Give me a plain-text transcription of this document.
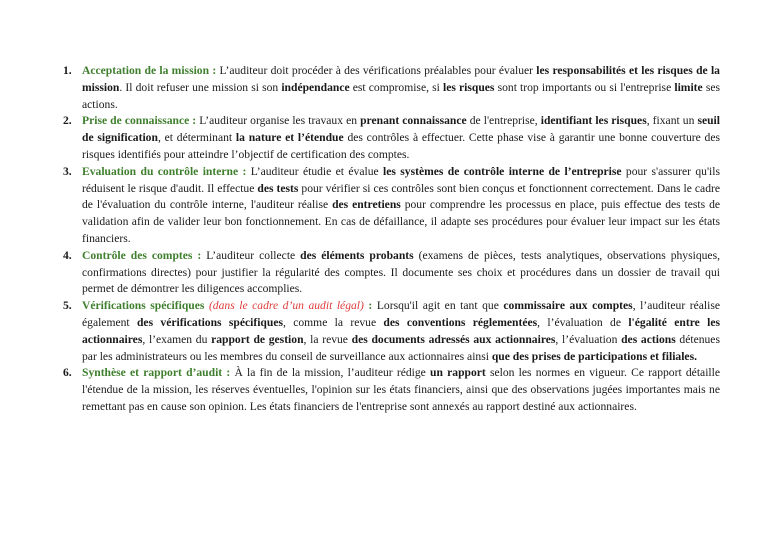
1. Acceptation de la mission : L’auditeur doit procéder à des vérifications préalables pour évaluer les responsabilités et les risques de la mission. Il doit refuser une mission si son indépendance est compromise, si les risques sont trop importants ou si l'entreprise limite ses actions.
2. Prise de connaissance : L’auditeur organise les travaux en prenant connaissance de l'entreprise, identifiant les risques, fixant un seuil de signification, et déterminant la nature et l’étendue des contrôles à effectuer. Cette phase vise à garantir une bonne couverture des risques identifiés pour atteindre l’objectif de certification des comptes.
3. Evaluation du contrôle interne : L’auditeur étudie et évalue les systèmes de contrôle interne de l’entreprise pour s'assurer qu'ils réduisent le risque d'audit. Il effectue des tests pour vérifier si ces contrôles sont bien conçus et fonctionnent correctement. Dans le cadre de l'évaluation du contrôle interne, l'auditeur réalise des entretiens pour comprendre les processus en place, puis effectue des tests de validation afin de valider leur bon fonctionnement. En cas de défaillance, il adapte ses procédures pour évaluer leur impact sur les états financiers.
4. Contrôle des comptes : L’auditeur collecte des éléments probants (examens de pièces, tests analytiques, observations physiques, confirmations directes) pour justifier la régularité des comptes. Il documente ses choix et procédures dans un dossier de travail qui permet de démontrer les diligences accomplies.
5. Vérifications spécifiques (dans le cadre d’un audit légal) : Lorsqu'il agit en tant que commissaire aux comptes, l’auditeur réalise également des vérifications spécifiques, comme la revue des conventions réglementées, l’évaluation de l'égalité entre les actionnaires, l’examen du rapport de gestion, la revue des documents adressés aux actionnaires, l’évaluation des actions détenues par les administrateurs ou les membres du conseil de surveillance aux actionnaires ainsi que des prises de participations et filiales.
6. Synthèse et rapport d’audit : À la fin de la mission, l’auditeur rédige un rapport selon les normes en vigueur. Ce rapport détaille l'étendue de la mission, les réserves éventuelles, l'opinion sur les états financiers, ainsi que des observations jugées importantes mais ne remettant pas en cause son opinion. Les états financiers de l'entreprise sont annexés au rapport destiné aux actionnaires.
